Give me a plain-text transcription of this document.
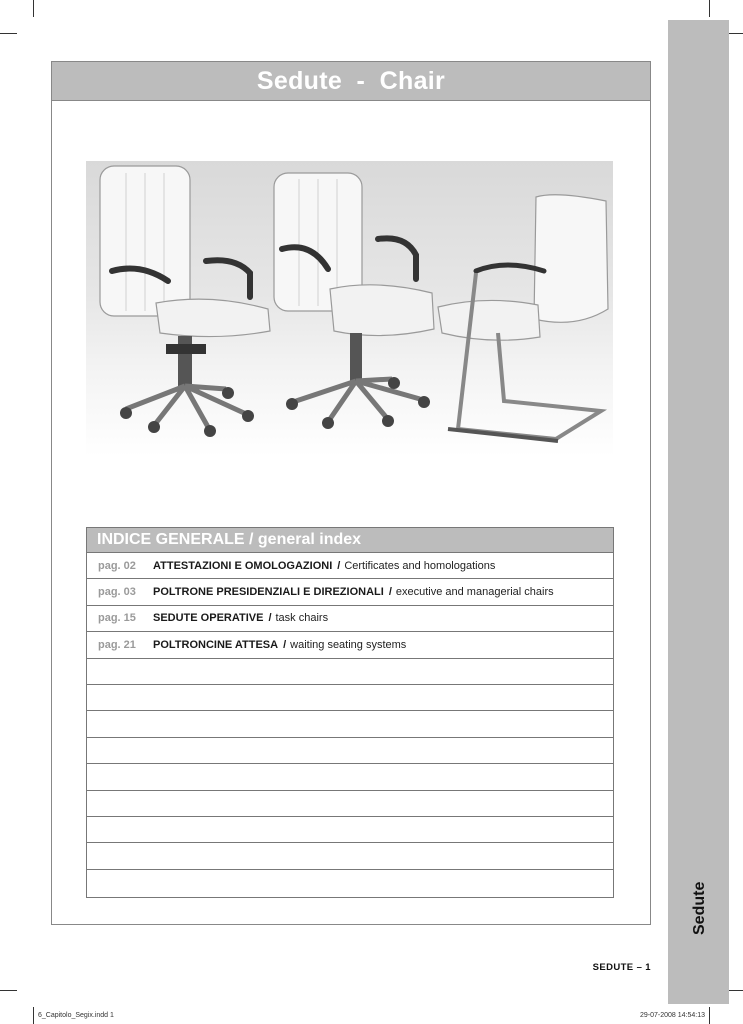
Sedute
Sedute  -  Chair
INDICE GENERALE / general index
pag. 02	ATTESTAZIONI E OMOLOGAZIONI / Certificates and homologations
pag. 03	POLTRONE PRESIDENZIALI E DIREZIONALI / executive and managerial chairs
pag. 15	SEDUTE OPERATIVE / task chairs
pag. 21	POLTRONCINE ATTESA / waiting seating systems
SEDUTE – 1
6_Capitolo_Segix.indd 1	29-07-2008 14:54:13
